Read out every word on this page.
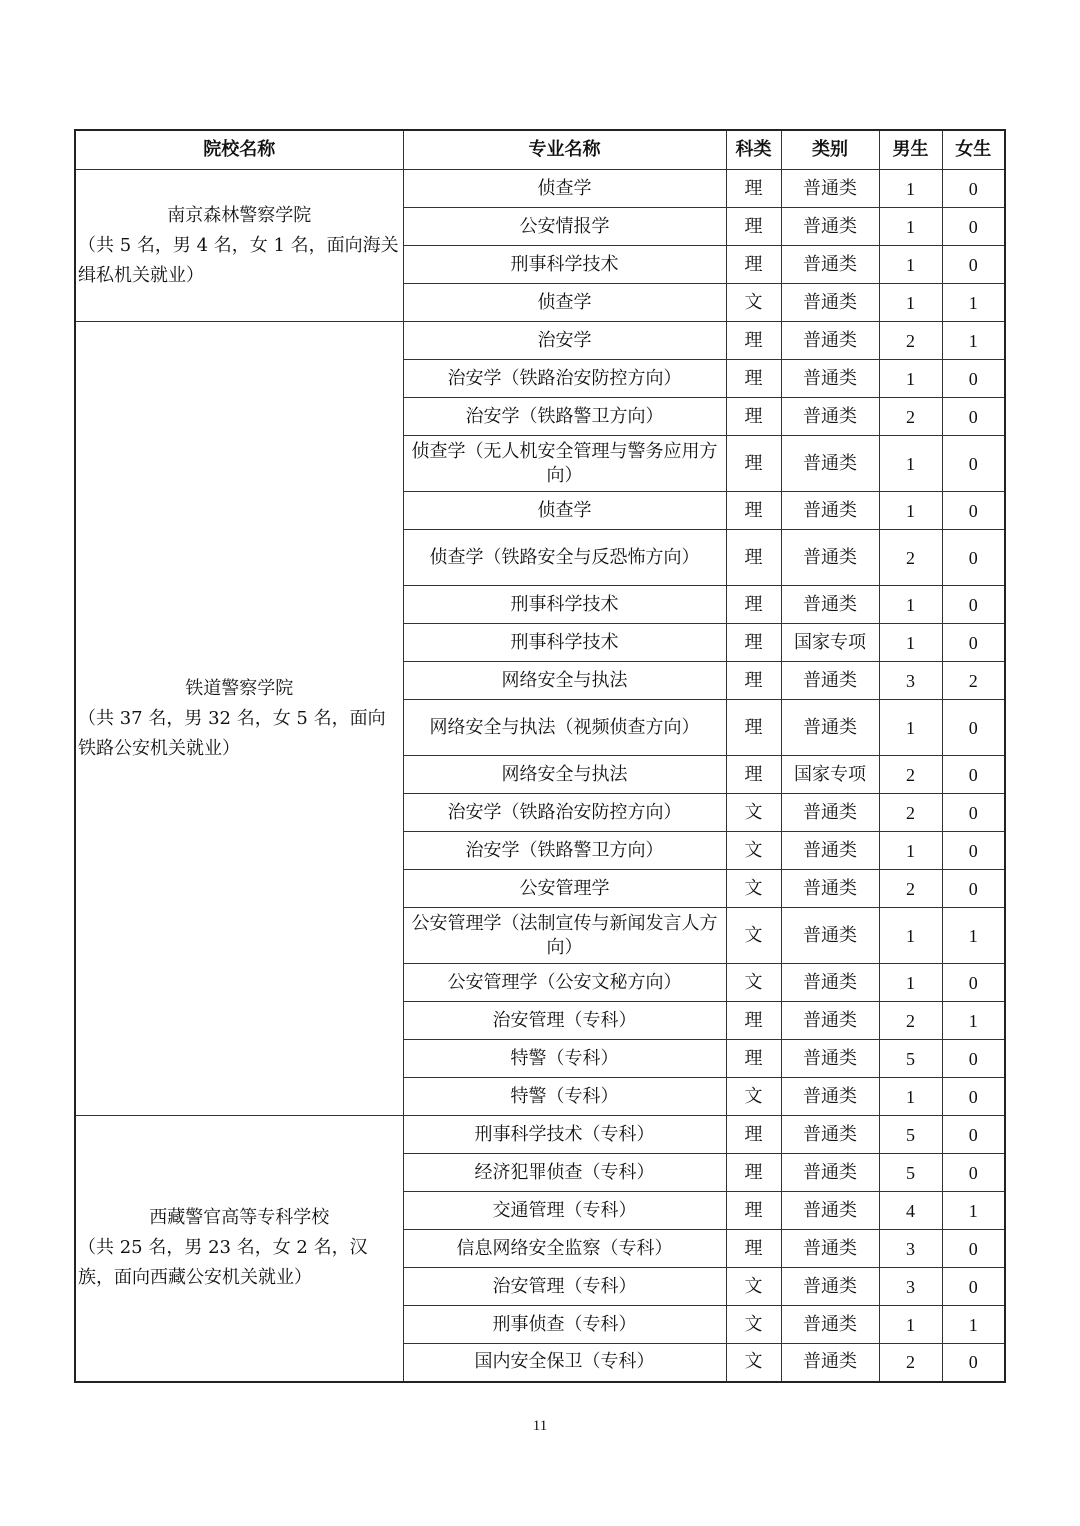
院校名称	专业名称	科类	类别	男生	女生

南京森林警察学院
（共 5 名，男 4 名，女 1 名，面向海关缉私机关就业）	侦查学	理	普通类	1	0
	公安情报学	理	普通类	1	0
	刑事科学技术	理	普通类	1	0
	侦查学	文	普通类	1	1

铁道警察学院
（共 37 名，男 32 名，女 5 名，面向铁路公安机关就业）	治安学	理	普通类	2	1
	治安学（铁路治安防控方向）	理	普通类	1	0
	治安学（铁路警卫方向）	理	普通类	2	0
	侦查学（无人机安全管理与警务应用方向）	理	普通类	1	0
	侦查学	理	普通类	1	0
	侦查学（铁路安全与反恐怖方向）	理	普通类	2	0
	刑事科学技术	理	普通类	1	0
	刑事科学技术	理	国家专项	1	0
	网络安全与执法	理	普通类	3	2
	网络安全与执法（视频侦查方向）	理	普通类	1	0
	网络安全与执法	理	国家专项	2	0
	治安学（铁路治安防控方向）	文	普通类	2	0
	治安学（铁路警卫方向）	文	普通类	1	0
	公安管理学	文	普通类	2	0
	公安管理学（法制宣传与新闻发言人方向）	文	普通类	1	1
	公安管理学（公安文秘方向）	文	普通类	1	0
	治安管理（专科）	理	普通类	2	1
	特警（专科）	理	普通类	5	0
	特警（专科）	文	普通类	1	0

西藏警官高等专科学校
（共 25 名，男 23 名，女 2 名，汉族，面向西藏公安机关就业）	刑事科学技术（专科）	理	普通类	5	0
	经济犯罪侦查（专科）	理	普通类	5	0
	交通管理（专科）	理	普通类	4	1
	信息网络安全监察（专科）	理	普通类	3	0
	治安管理（专科）	文	普通类	3	0
	刑事侦查（专科）	文	普通类	1	1
	国内安全保卫（专科）	文	普通类	2	0
11
